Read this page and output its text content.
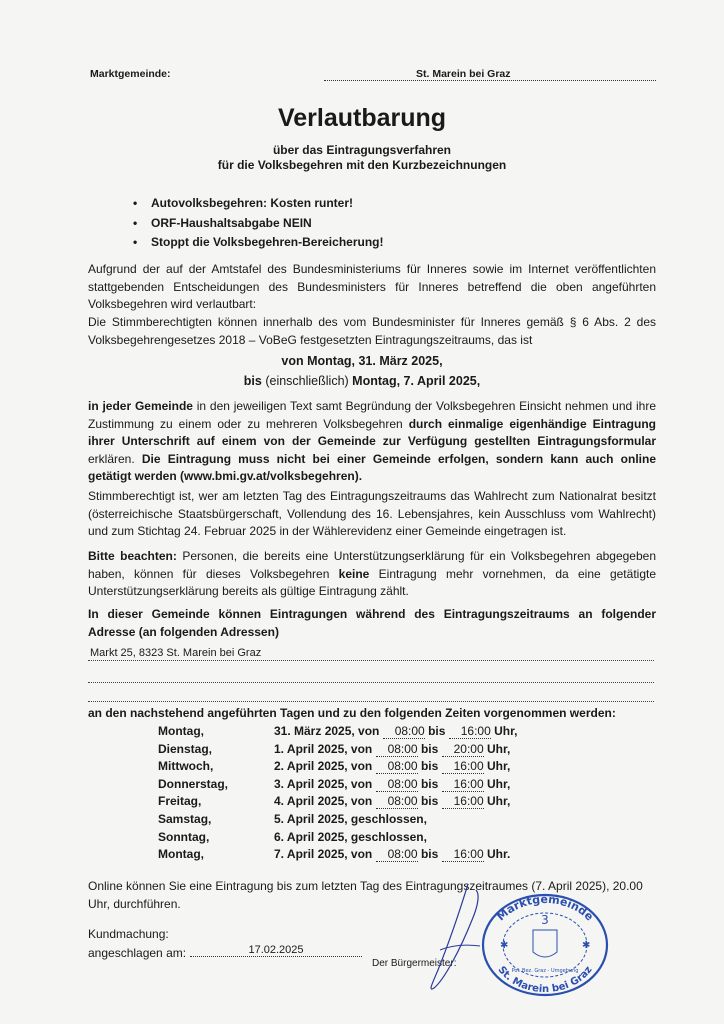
Marktgemeinde:	St. Marein bei Graz
Verlautbarung
über das Eintragungsverfahren
für die Volksbegehren mit den Kurzbezeichnungen
• Autovolksbegehren: Kosten runter!
• ORF-Haushaltsabgabe NEIN
• Stoppt die Volksbegehren-Bereicherung!

Aufgrund der auf der Amtstafel des Bundesministeriums für Inneres sowie im Internet veröffentlichten stattgebenden Entscheidungen des Bundesministers für Inneres betreffend die oben angeführten Volksbegehren wird verlautbart:

Die Stimmberechtigten können innerhalb des vom Bundesminister für Inneres gemäß § 6 Abs. 2 des Volksbegehrengesetzes 2018 – VoBeG festgesetzten Eintragungszeitraums, das ist

von Montag, 31. März 2025,
bis (einschließlich) Montag, 7. April 2025,

in jeder Gemeinde in den jeweiligen Text samt Begründung der Volksbegehren Einsicht nehmen und ihre Zustimmung zu einem oder zu mehreren Volksbegehren durch einmalige eigenhändige Eintragung ihrer Unterschrift auf einem von der Gemeinde zur Verfügung gestellten Eintragungsformular erklären. Die Eintragung muss nicht bei einer Gemeinde erfolgen, sondern kann auch online getätigt werden (www.bmi.gv.at/volksbegehren).

Stimmberechtigt ist, wer am letzten Tag des Eintragungszeitraums das Wahlrecht zum Nationalrat besitzt (österreichische Staatsbürgerschaft, Vollendung des 16. Lebensjahres, kein Ausschluss vom Wahlrecht) und zum Stichtag 24. Februar 2025 in der Wählerevidenz einer Gemeinde eingetragen ist.

Bitte beachten: Personen, die bereits eine Unterstützungserklärung für ein Volksbegehren abgegeben haben, können für dieses Volksbegehren keine Eintragung mehr vornehmen, da eine getätigte Unterstützungserklärung bereits als gültige Eintragung zählt.

In dieser Gemeinde können Eintragungen während des Eintragungszeitraums an folgender Adresse (an folgenden Adressen)

Markt 25, 8323 St. Marein bei Graz

an den nachstehend angeführten Tagen und zu den folgenden Zeiten vorgenommen werden:

Montag,	31. März 2025, von 08:00 bis 16:00 Uhr,
Dienstag,	1. April 2025, von 08:00 bis 20:00 Uhr,
Mittwoch,	2. April 2025, von 08:00 bis 16:00 Uhr,
Donnerstag,	3. April 2025, von 08:00 bis 16:00 Uhr,
Freitag,	4. April 2025, von 08:00 bis 16:00 Uhr,
Samstag,	5. April 2025, geschlossen,
Sonntag,	6. April 2025, geschlossen,
Montag,	7. April 2025, von 08:00 bis 16:00 Uhr.

Online können Sie eine Eintragung bis zum letzten Tag des Eintragungszeitraumes (7. April 2025), 20.00 Uhr, durchführen.

Kundmachung:
angeschlagen am:	17.02.2025
Der Bürgermeister:
Marktgemeinde
St. Marein bei Graz
3
Pol. Bez. Graz - Umgebung
✱	✱
